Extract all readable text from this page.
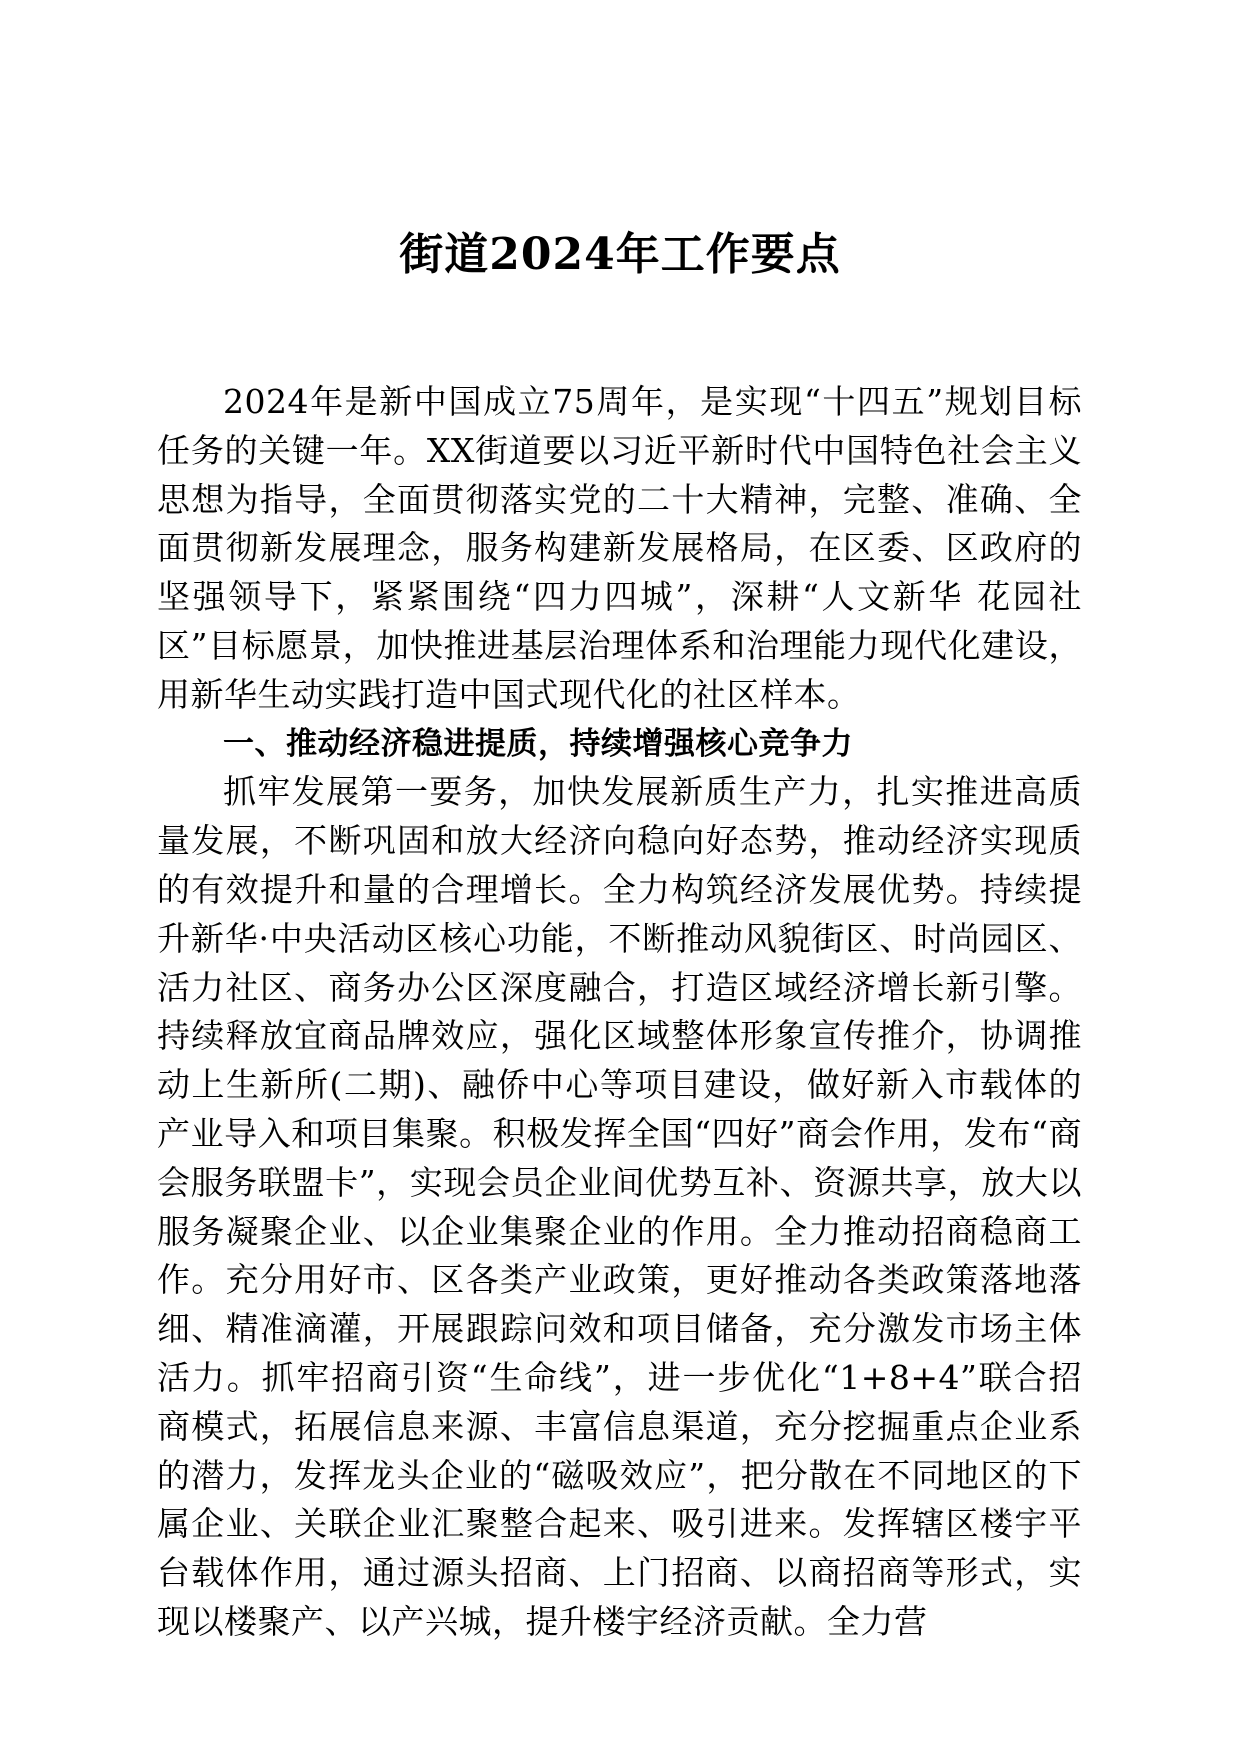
街道2024年工作要点

2024年是新中国成立75周年，是实现“十四五”规划目标任务的关键一年。XX街道要以习近平新时代中国特色社会主义思想为指导，全面贯彻落实党的二十大精神，完整、准确、全面贯彻新发展理念，服务构建新发展格局，在区委、区政府的坚强领导下，紧紧围绕“四力四城”，深耕“人文新华 花园社区”目标愿景，加快推进基层治理体系和治理能力现代化建设，用新华生动实践打造中国式现代化的社区样本。

一、推动经济稳进提质，持续增强核心竞争力

抓牢发展第一要务，加快发展新质生产力，扎实推进高质量发展，不断巩固和放大经济向稳向好态势，推动经济实现质的有效提升和量的合理增长。全力构筑经济发展优势。持续提升新华·中央活动区核心功能，不断推动风貌街区、时尚园区、活力社区、商务办公区深度融合，打造区域经济增长新引擎。持续释放宜商品牌效应，强化区域整体形象宣传推介，协调推动上生新所(二期)、融侨中心等项目建设，做好新入市载体的产业导入和项目集聚。积极发挥全国“四好”商会作用，发布“商会服务联盟卡”，实现会员企业间优势互补、资源共享，放大以服务凝聚企业、以企业集聚企业的作用。全力推动招商稳商工作。充分用好市、区各类产业政策，更好推动各类政策落地落细、精准滴灌，开展跟踪问效和项目储备，充分激发市场主体活力。抓牢招商引资“生命线”，进一步优化“1+8+4”联合招商模式，拓展信息来源、丰富信息渠道，充分挖掘重点企业系的潜力，发挥龙头企业的“磁吸效应”，把分散在不同地区的下属企业、关联企业汇聚整合起来、吸引进来。发挥辖区楼宇平台载体作用，通过源头招商、上门招商、以商招商等形式，实现以楼聚产、以产兴城，提升楼宇经济贡献。全力营
